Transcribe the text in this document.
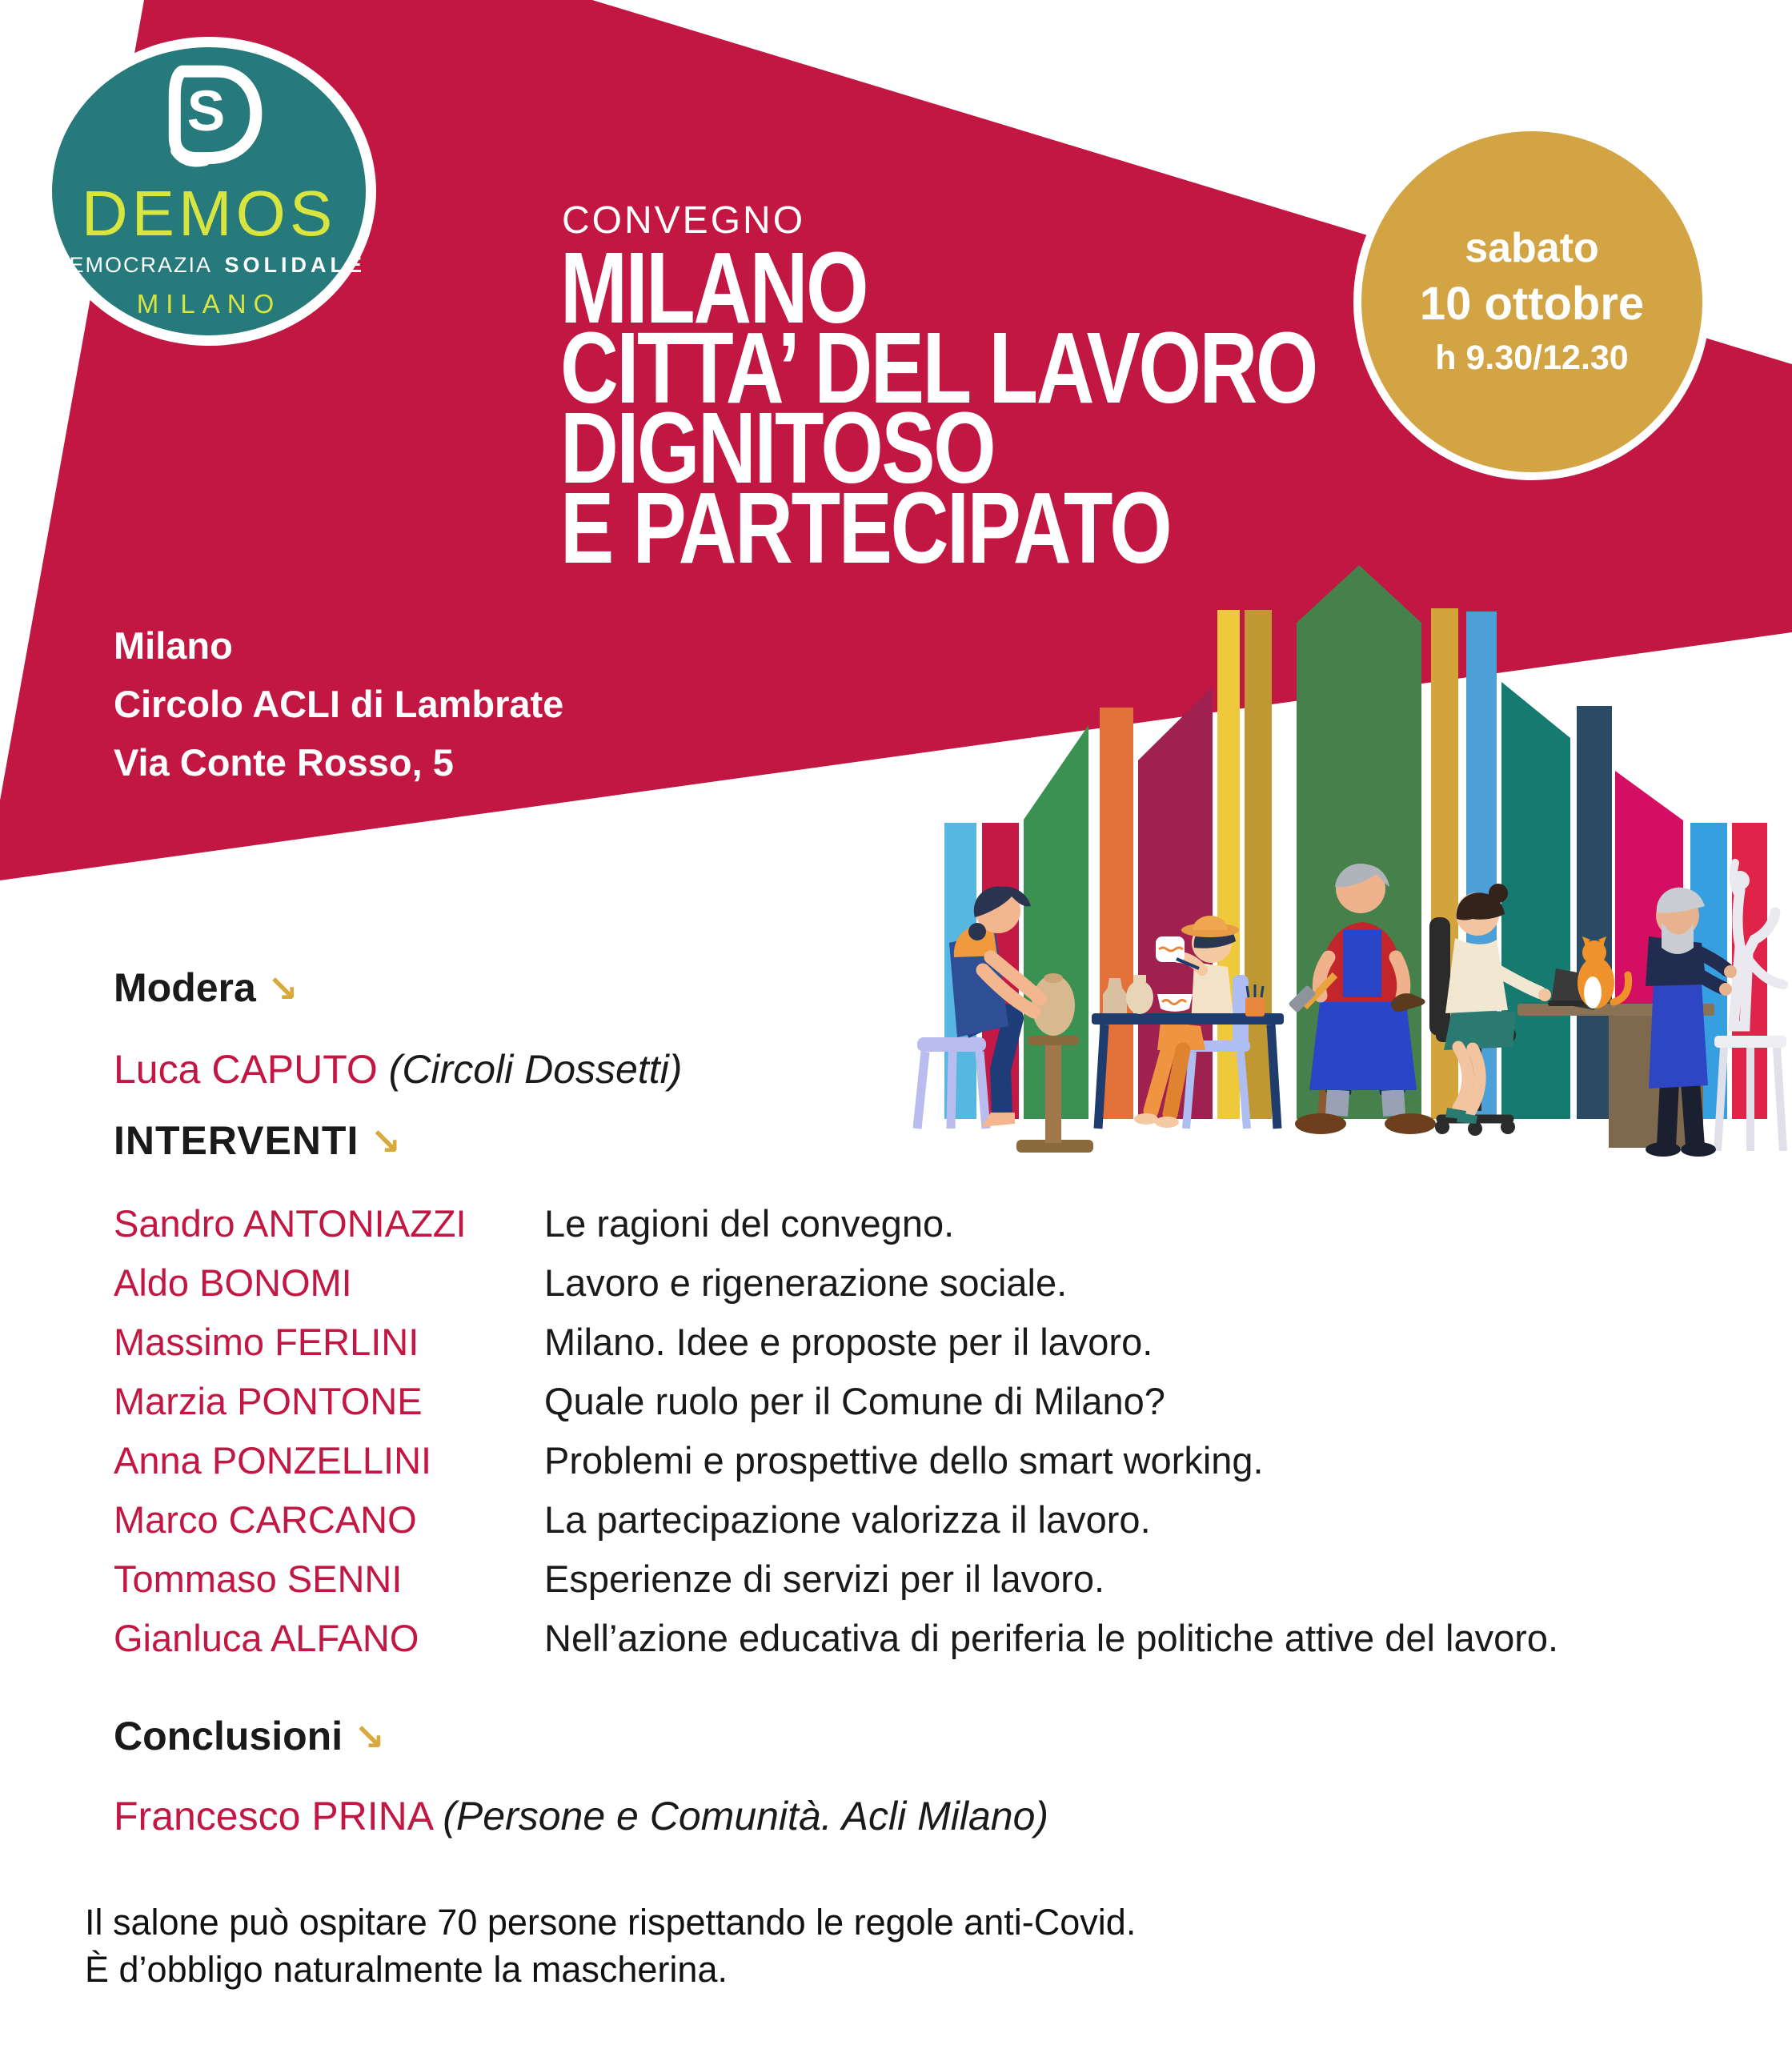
S
DEMOS
DEMOCRAZIA SOLIDALE
MILANO
sabato
10 ottobre
h 9.30/12.30
CONVEGNO
MILANO
CITTA’ DEL LAVORO
DIGNITOSO
E PARTECIPATO
Milano
Circolo ACLI di Lambrate
Via Conte Rosso, 5
Modera ↘
Luca CAPUTO (Circoli Dossetti)
INTERVENTI ↘
Sandro ANTONIAZZI	Le ragioni del convegno.
Aldo BONOMI	Lavoro e rigenerazione sociale.
Massimo FERLINI	Milano. Idee e proposte per il lavoro.
Marzia PONTONE	Quale ruolo per il Comune di Milano?
Anna PONZELLINI	Problemi e prospettive dello smart working.
Marco CARCANO	La partecipazione valorizza il lavoro.
Tommaso SENNI	Esperienze di servizi per il lavoro.
Gianluca ALFANO	Nell’azione educativa di periferia le politiche attive del lavoro.
Conclusioni ↘
Francesco PRINA (Persone e Comunità. Acli Milano)
Il salone può ospitare 70 persone rispettando le regole anti-Covid.
È d’obbligo naturalmente la mascherina.
